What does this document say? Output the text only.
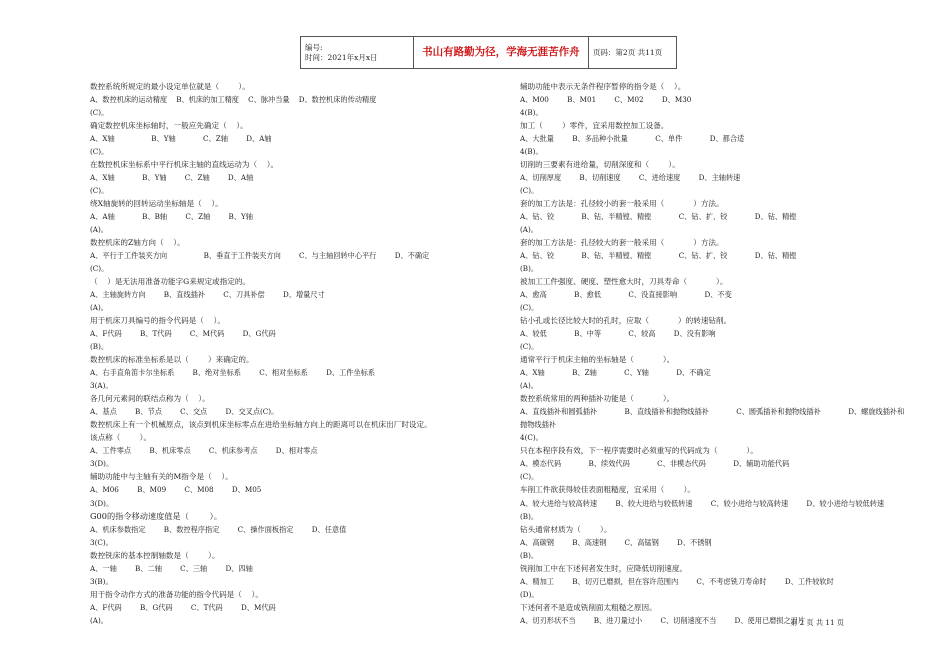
编号:
时间：2021年x月x日	书山有路勤为径，学海无涯苦作舟	页码：第2页 共11页
数控系统所规定的最小设定单位就是（        ）。
A、数控机床的运动精度    B、机床的加工精度    C、脉冲当量    D、数控机床的传动精度
(C)。
确定数控机床坐标轴时，一般应先确定（    ）。
A、X轴                B、Y轴            C、Z轴        D、A轴
(C)。
在数控机床坐标系中平行机床主轴的直线运动为（    ）。
A、X轴            B、Y轴        C、Z轴        D、A轴
(C)。
绕X轴旋转的回转运动坐标轴是（    ）。
A、A轴            B、B轴        C、Z轴        B、Y轴
(A)。
数控机床的Z轴方向（    ）。
A、平行于工件装夹方向                B、垂直于工件装夹方向        C、与主轴回转中心平行        D、不确定
(C)。
（    ）是无法用准备功能字G来规定或指定的。
A、主轴旋转方向        B、直线插补        C、刀具补偿        D、增量尺寸
(A)。
用于机床刀具编号的指令代码是（    ）。
A、F代码        B、T代码        C、M代码        D、G代码
(B)。
数控机床的标准坐标系是以（        ）来确定的。
A、右手直角笛卡尔坐标系        B、绝对坐标系        C、相对坐标系        D、工件坐标系
3(A)。
各几何元素间的联结点称为（    ）。
A、基点        B、节点        C、交点        D、交叉点(C)。
数控机床上有一个机械原点，该点到机床坐标零点在进给坐标轴方向上的距离可以在机床出厂时设定。
该点称（        ）。
A、工件零点        B、机床零点        C、机床参考点        D、相对零点
3(D)。
辅助功能中与主轴有关的M指令是（    ）。
A、M06        B、M09        C、M08        D、M05
3(D)。
G00的指令移动速度值是（        ）。
A、机床参数指定        B、数控程序指定        C、操作面板指定        D、任意值
3(C)。
数控铣床的基本控制轴数是（        ）。
A、一轴        B、二轴        C、三轴        D、四轴
3(B)。
用于指令动作方式的准备功能的指令代码是（    ）。
A、F代码        B、G代码        C、T代码        D、M代码
(A)。
辅助功能中表示无条件程序暂停的指令是（    ）。
A、M00        B、M01        C、M02        D、M30
4(B)。
加工（        ）零件，宜采用数控加工设备。
A、大批量        B、多品种小批量            C、单件            D、都合适
4(B)。
切削的三要素有进给量，切削深度和（        ）。
A、切削厚度        B、切削速度        C、进给速度        D、主轴转速
(C)。
套的加工方法是：孔径较小的套一般采用（            ）方法。
A、钻、铰            B、钻、半精镗、精镗            C、钻、扩、铰            D、钻、精镗
(A)。
套的加工方法是：孔径较大的套一般采用（            ）方法。
A、钻、铰            B、钻、半精镗、精镗            C、钻、扩、铰            D、钻、精镗
(B)。
被加工工件强度、硬度、塑性愈大时，刀具寿命（            ）。
A、愈高            B、愈低            C、没直接影响            D、不变
(C)。
钻小孔或长径比较大时的孔时，应取（            ）的转速钻削。
A、较低            B、中等            C、较高        D、没有影响
(C)。
通常平行于机床主轴的坐标轴是（            ）。
A、X轴            B、Z轴            C、Y轴            D、不确定
(A)。
数控系统常用的两种插补功能是（            ）。
A、直线插补和圆弧插补            B、直线插补和抛物线插补            C、圆弧插补和抛物线插补            D、螺旋线插补和
抛物线插补
4(C)。
只在本程序段有效，下一程序需要时必须重写的代码成为（            ）。
A、模态代码            B、续效代码            C、非模态代码            D、辅助功能代码
(C)。
车削工件欲获得较佳表面粗糙度，宜采用（        ）。
A、较大进给与较高转速        B、较大进给与较低转速        C、较小进给与较高转速        D、较小进给与较低转速
(B)。
钻头通常材质为（        ）。
A、高碳钢        B、高速钢        C、高锰钢        D、不锈钢
(B)。
铣削加工中在下述何者发生时，应降低切削速度。
A、精加工        B、切刃已磨损，但在容许范围内        C、不考虑铣刀寿命时        D、工件较软时
(D)。
下述何者不是造成铣削面太粗糙之原因。
A、切刃形状不当        B、进刀量过小        C、切削速度不当        D、使用已磨损之刀片
第 2 页 共 11 页
